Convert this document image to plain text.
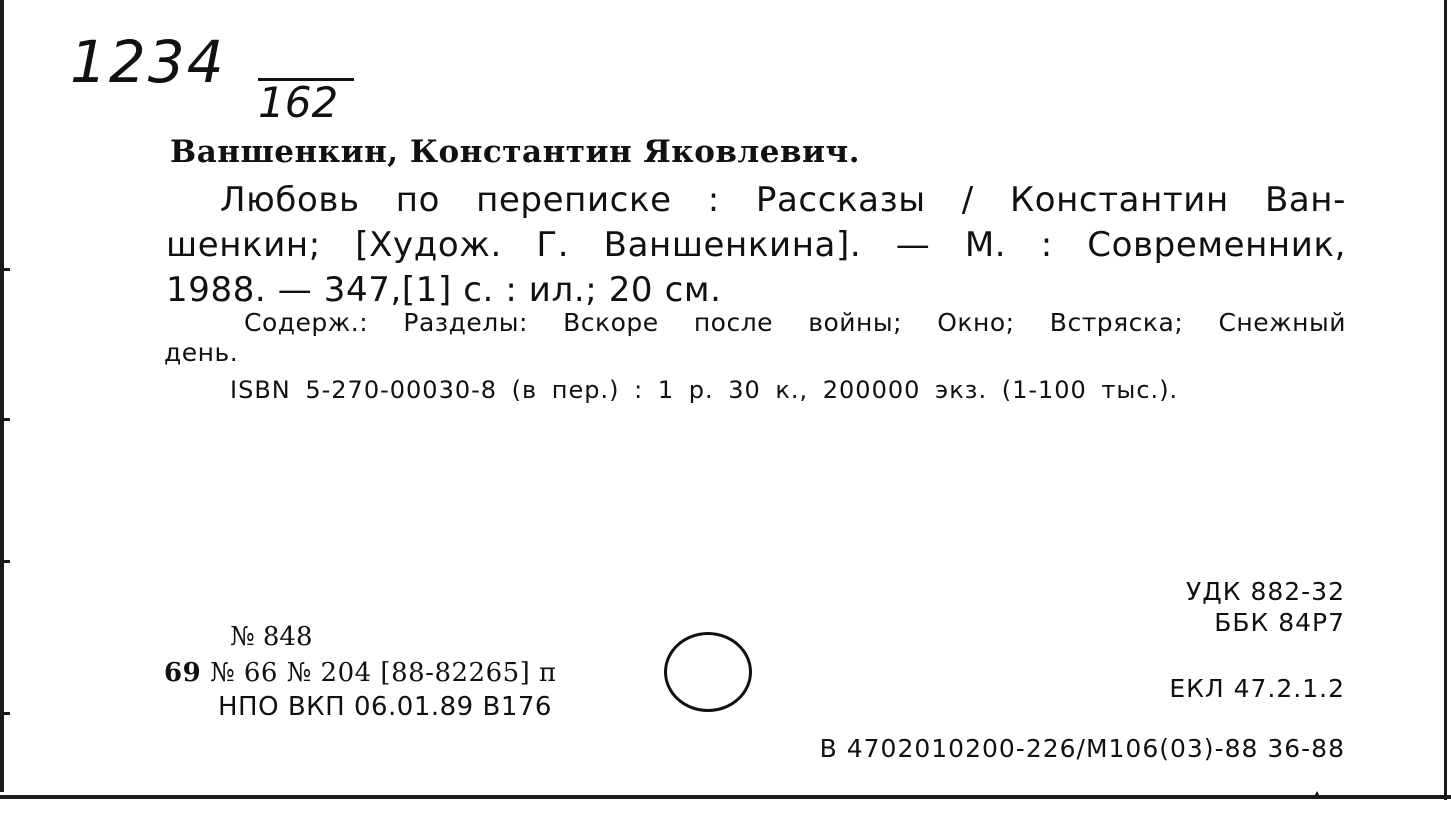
1234
162
Ваншенкин, Константин Яковлевич.
Любовь по переписке : Рассказы / Константин Ван-
шенкин; [Худож. Г. Ваншенкина]. — М. : Современник,
1988. — 347,[1] с. : ил.; 20 см.
Содерж.: Разделы: Вскоре после войны; Окно; Встряска; Снежный
день.
ISBN 5-270-00030-8 (в пер.) : 1 р. 30 к., 200000 экз. (1-100 тыс.).
УДК 882-32
ББК 84Р7
ЕКЛ 47.2.1.2
В 4702010200-226/М106(03)-88 36-88
№ 848
69 № 66 № 204 [88-82265] п
НПО ВКП 06.01.89 В176
▴
